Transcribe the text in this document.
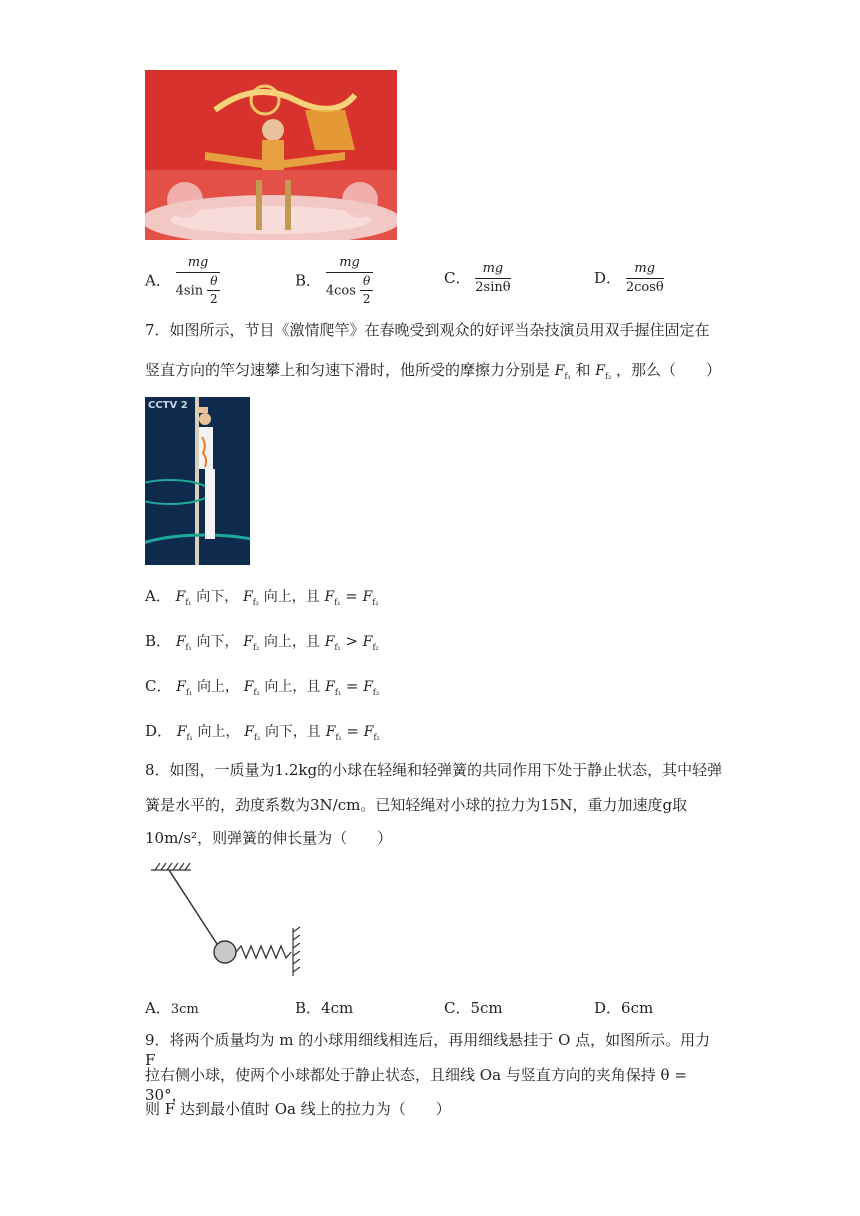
A． $\frac{mg}{4\sin \frac{\theta}{2}}$	B． $\frac{mg}{4\cos \frac{\theta}{2}}$	C． $\frac{mg}{2\sin\theta}$	D． $\frac{mg}{2\cos\theta}$
7．如图所示，节目《激情爬竿》在春晚受到观众的好评当杂技演员用双手握住固定在
竖直方向的竿匀速攀上和匀速下滑时，他所受的摩擦力分别是 $F_{f_1}$ 和 $F_{f_2}$ ，那么（　　）
CCTV 2
A． $F_{f_1}$ 向下， $F_{f_2}$ 向上，且 $F_{f_1} = F_{f_2}$
B． $F_{f_1}$ 向下， $F_{f_2}$ 向上，且 $F_{f_1} > F_{f_2}$
C． $F_{f_1}$ 向上， $F_{f_2}$ 向上，且 $F_{f_1} = F_{f_2}$
D． $F_{f_1}$ 向上， $F_{f_2}$ 向下，且 $F_{f_1} = F_{f_2}$
8．如图，一质量为1.2kg的小球在轻绳和轻弹簧的共同作用下处于静止状态，其中轻弹
簧是水平的，劲度系数为3N/cm。已知轻绳对小球的拉力为15N，重力加速度g取
10m/s²，则弹簧的伸长量为（　　）
A．3cm	B．4cm	C．5cm	D．6cm
9．将两个质量均为 m 的小球用细线相连后，再用细线悬挂于 O 点，如图所示。用力 F
拉右侧小球，使两个小球都处于静止状态，且细线 Oa 与竖直方向的夹角保持 θ = 30°，
则 F 达到最小值时 Oa 线上的拉力为（　　）
